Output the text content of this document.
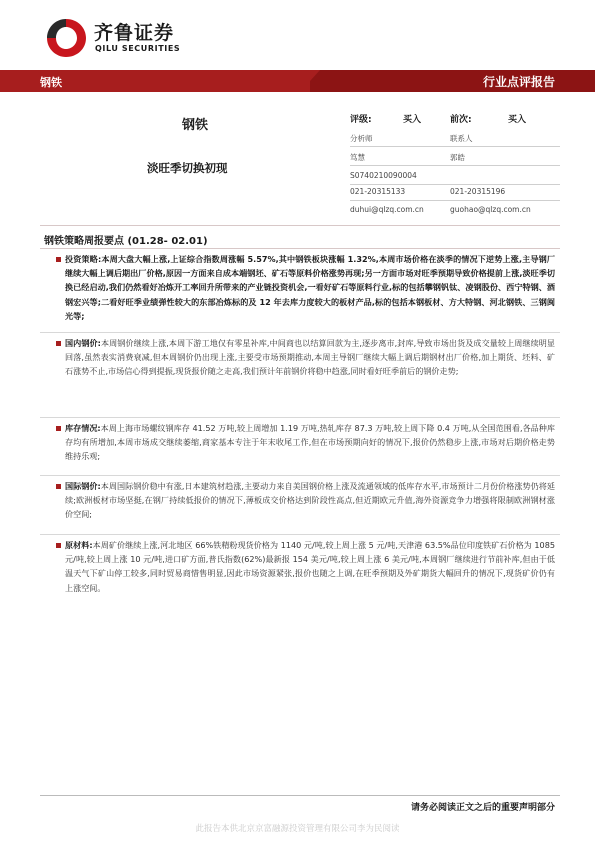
齐鲁证券
QILU SECURITIES
钢铁	行业点评报告
钢铁
淡旺季切换初现
评级:	买入	前次:	买入
分析师	联系人
笃慧	郭皓
S0740210090004
021-20315133	021-20315196
duhui@qlzq.com.cn	guohao@qlzq.com.cn
钢铁策略周报要点 (01.28- 02.01)
投资策略:本周大盘大幅上涨,上证综合指数周涨幅 5.57%,其中钢铁板块涨幅 1.32%,本周市场价格在淡季的情况下逆势上涨,主导钢厂继续大幅上调后期出厂价格,原因一方面来自成本端钢坯、矿石等原料价格涨势再现;另一方面市场对旺季预期导致价格提前上涨,淡旺季切换已经启动,我们仍然看好冶炼开工率回升所带来的产业链投资机会,一看好矿石等原料行业,标的包括攀钢钒钛、凌钢股份、西宁特钢、酒钢宏兴等;二看好旺季业绩弹性较大的东部冶炼标的及 12 年去库力度较大的板材产品,标的包括本钢板材、方大特钢、河北钢铁、三钢闽光等;
国内钢价:本周钢价继续上涨,本周下游工地仅有零星补库,中间商也以结算回款为主,逐步离市,封库,导致市场出货及成交量较上周继续明显回落,虽然表实消费衰减,但本周钢价仍出现上涨,主要受市场预期推动,本周主导钢厂继续大幅上调后期钢材出厂价格,加上期货、坯料、矿石涨势不止,市场信心得到提振,现货报价随之走高,我们预计年前钢价将稳中趋涨,同时看好旺季前后的钢价走势;
库存情况:本周上海市场螺纹钢库存 41.52 万吨,较上周增加 1.19 万吨,热轧库存 87.3 万吨,较上周下降 0.4 万吨,从全国范围看,各品种库存均有所增加,本周市场成交继续萎缩,商家基本专注于年末收尾工作,但在市场预期向好的情况下,报价仍然稳步上涨,市场对后期价格走势维持乐观;
国际钢价:本周国际钢价稳中有涨,日本建筑材趋涨,主要动力来自美国钢价格上涨及流通领域的低库存水平,市场预计二月份价格涨势仍将延续;欧洲板材市场坚挺,在钢厂持续低报价的情况下,薄板成交价格达到阶段性高点,但近期欧元升值,海外资源竞争力增强将限制欧洲钢材涨价空间;
原材料:本周矿价继续上涨,河北地区 66%铁精粉现货价格为 1140 元/吨,较上周上涨 5 元/吨,天津港 63.5%品位印度铁矿石价格为 1085 元/吨,较上周上涨 10 元/吨,进口矿方面,普氏指数(62%)最新报 154 美元/吨,较上周上涨 6 美元/吨,本周钢厂继续进行节前补库,但由于低温天气下矿山停工较多,同时贸易商惜售明显,因此市场资源紧张,报价也随之上调,在旺季预期及外矿期货大幅回升的情况下,现货矿价仍有上涨空间。
请务必阅读正文之后的重要声明部分
此报告本供北京京富融源投资管理有限公司李为民阅读
